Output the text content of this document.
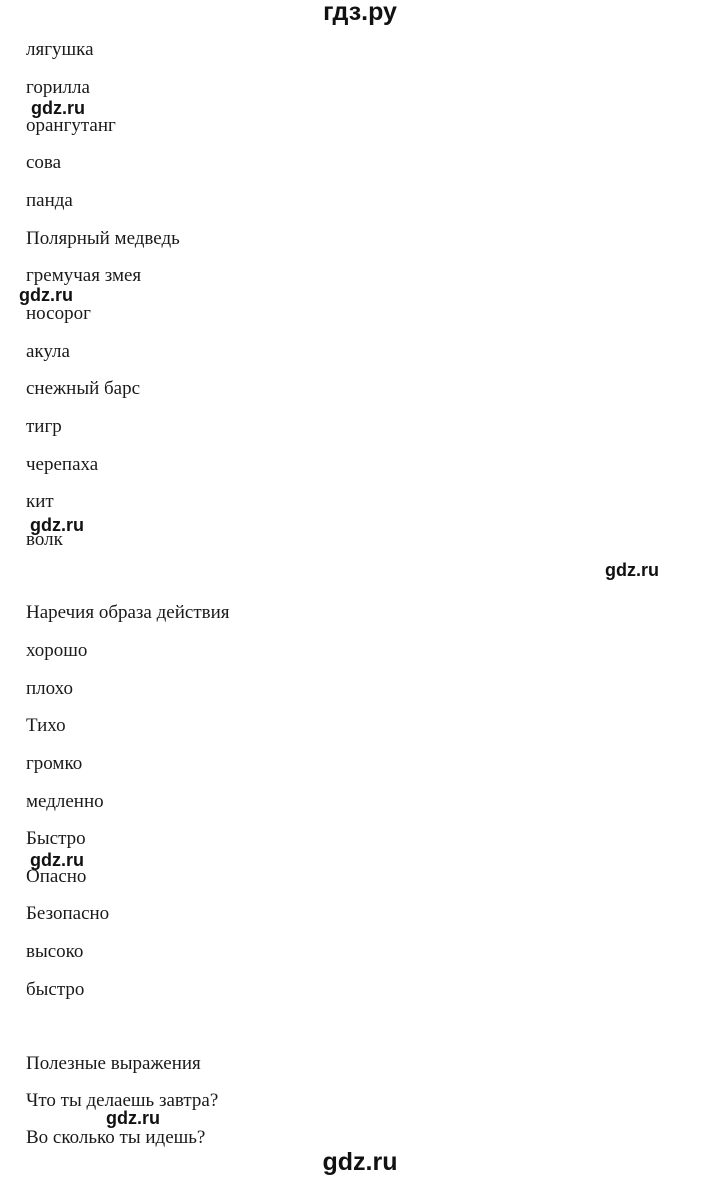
гдз.ру
лягушка
горилла
орангутанг
сова
панда
Полярный медведь
гремучая змея
носорог
акула
снежный барс
тигр
черепаха
кит
волк
Наречия образа действия
хорошо
плохо
Тихо
громко
медленно
Быстро
Опасно
Безопасно
высоко
быстро
Полезные выражения
Что ты делаешь завтра?
Во сколько ты идешь?
gdz.ru
gdz.ru
gdz.ru
gdz.ru
gdz.ru
gdz.ru
gdz.ru
